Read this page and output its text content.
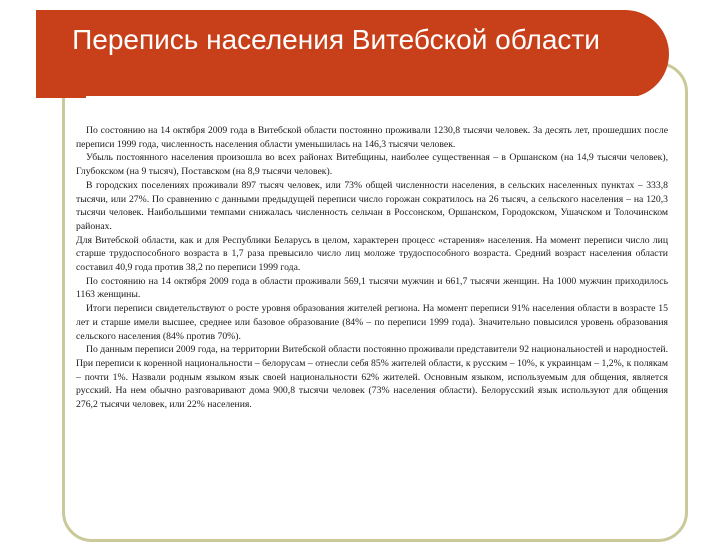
Перепись населения Витебской области

По состоянию на 14 октября 2009 года в Витебской области постоянно проживали 1230,8 тысячи человек. За десять лет, прошедших после переписи 1999 года, численность населения области уменьшилась на 146,3 тысячи человек.

Убыль постоянного населения произошла во всех районах Витебщины, наиболее существенная – в Оршанском (на 14,9 тысячи человек), Глубокском (на 9 тысяч), Поставском (на 8,9 тысячи человек).

В городских поселениях проживали 897 тысяч человек, или 73% общей численности населения, в сельских населенных пунктах – 333,8 тысячи, или 27%. По сравнению с данными предыдущей переписи число горожан сократилось на 26 тысяч, а сельского населения – на 120,3 тысячи человек. Наибольшими темпами снижалась численность сельчан в Россонском, Оршанском, Городокском, Ушачском и Толочинском районах.

Для Витебской области, как и для Республики Беларусь в целом, характерен процесс «старения» населения. На момент переписи число лиц старше трудоспособного возраста в 1,7 раза превысило число лиц моложе трудоспособного возраста. Средний возраст населения области составил 40,9 года против 38,2 по переписи 1999 года.

По состоянию на 14 октября 2009 года в области проживали 569,1 тысячи мужчин и 661,7 тысячи женщин. На 1000 мужчин приходилось 1163 женщины.

Итоги переписи свидетельствуют о росте уровня образования жителей региона. На момент переписи 91% населения области в возрасте 15 лет и старше имели высшее, среднее или базовое образование (84% – по переписи 1999 года). Значительно повысился уровень образования сельского населения (84% против 70%).

По данным переписи 2009 года, на территории Витебской области постоянно проживали представители 92 национальностей и народностей. При переписи к коренной национальности – белорусам – отнесли себя 85% жителей области, к русским – 10%, к украинцам – 1,2%, к полякам – почти 1%. Назвали родным языком язык своей национальности 62% жителей. Основным языком, используемым для общения, является русский. На нем обычно разговаривают дома 900,8 тысячи человек (73% населения области). Белорусский язык используют для общения 276,2 тысячи человек, или 22% населения.
